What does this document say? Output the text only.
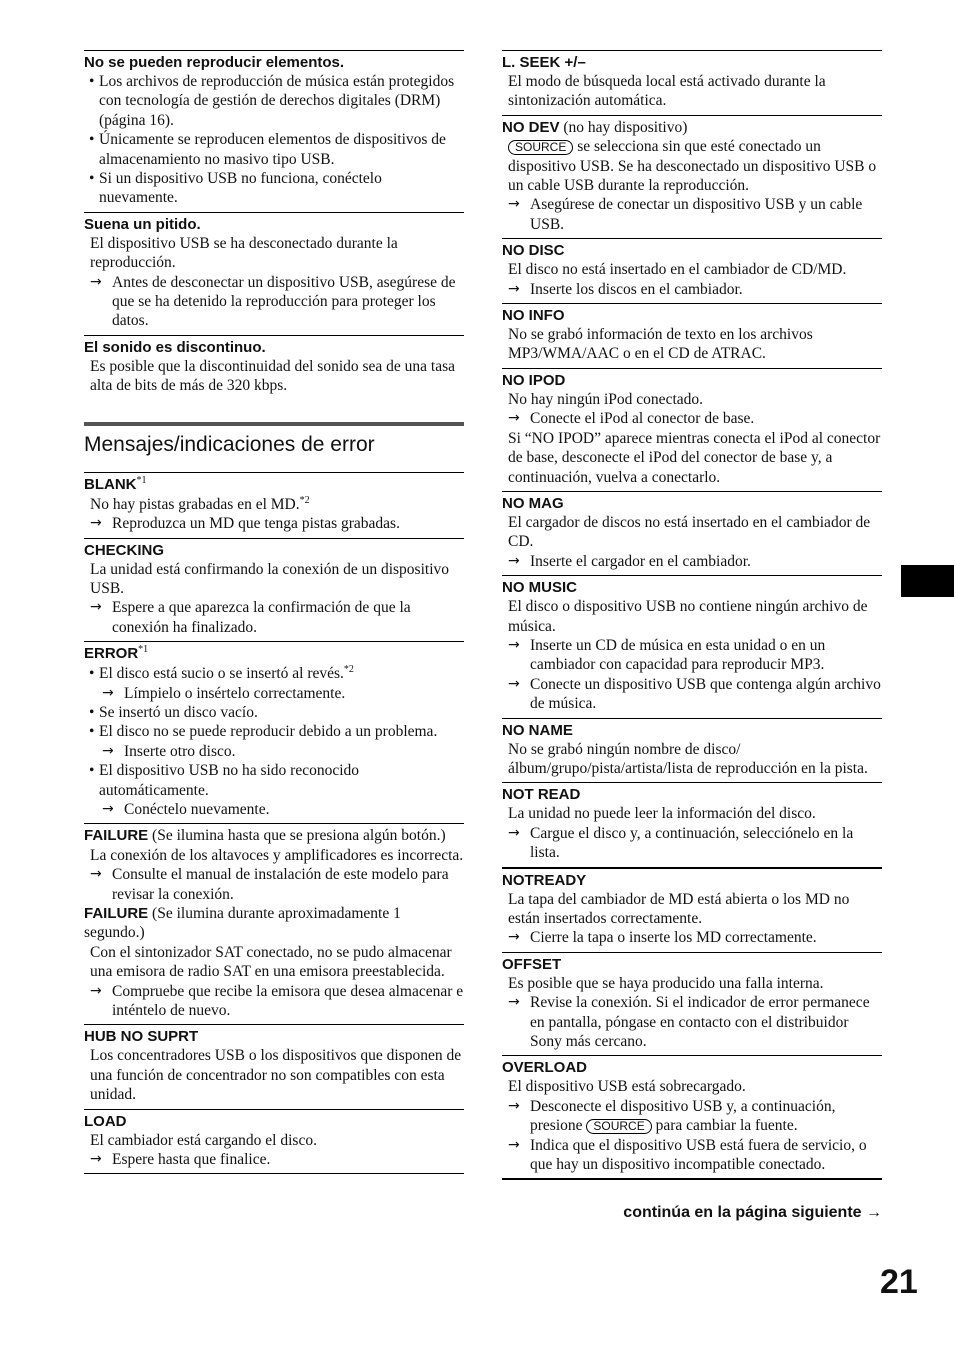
No se pueden reproducir elementos.
• Los archivos de reproducción de música están protegidos con tecnología de gestión de derechos digitales (DRM) (página 16).
• Únicamente se reproducen elementos de dispositivos de almacenamiento no masivo tipo USB.
• Si un dispositivo USB no funciona, conéctelo nuevamente.
Suena un pitido.
El dispositivo USB se ha desconectado durante la reproducción.
→ Antes de desconectar un dispositivo USB, asegúrese de que se ha detenido la reproducción para proteger los datos.
El sonido es discontinuo.
Es posible que la discontinuidad del sonido sea de una tasa alta de bits de más de 320 kbps.
Mensajes/indicaciones de error
BLANK$^{*1}$
No hay pistas grabadas en el MD.$^{*2}$
→ Reproduzca un MD que tenga pistas grabadas.
CHECKING
La unidad está confirmando la conexión de un dispositivo USB.
→ Espere a que aparezca la confirmación de que la conexión ha finalizado.
ERROR$^{*1}$
• El disco está sucio o se insertó al revés.$^{*2}$
→ Límpielo o insértelo correctamente.
• Se insertó un disco vacío.
• El disco no se puede reproducir debido a un problema.
→ Inserte otro disco.
• El dispositivo USB no ha sido reconocido automáticamente.
→ Conéctelo nuevamente.
FAILURE (Se ilumina hasta que se presiona algún botón.)
La conexión de los altavoces y amplificadores es incorrecta.
→ Consulte el manual de instalación de este modelo para revisar la conexión.
FAILURE (Se ilumina durante aproximadamente 1 segundo.)
Con el sintonizador SAT conectado, no se pudo almacenar una emisora de radio SAT en una emisora preestablecida.
→ Compruebe que recibe la emisora que desea almacenar e inténtelo de nuevo.
HUB NO SUPRT
Los concentradores USB o los dispositivos que disponen de una función de concentrador no son compatibles con esta unidad.
LOAD
El cambiador está cargando el disco.
→ Espere hasta que finalice.
L. SEEK +/–
El modo de búsqueda local está activado durante la sintonización automática.
NO DEV (no hay dispositivo)
SOURCE se selecciona sin que esté conectado un dispositivo USB. Se ha desconectado un dispositivo USB o un cable USB durante la reproducción.
→ Asegúrese de conectar un dispositivo USB y un cable USB.
NO DISC
El disco no está insertado en el cambiador de CD/MD.
→ Inserte los discos en el cambiador.
NO INFO
No se grabó información de texto en los archivos MP3/WMA/AAC o en el CD de ATRAC.
NO IPOD
No hay ningún iPod conectado.
→ Conecte el iPod al conector de base.
Si “NO IPOD” aparece mientras conecta el iPod al conector de base, desconecte el iPod del conector de base y, a continuación, vuelva a conectarlo.
NO MAG
El cargador de discos no está insertado en el cambiador de CD.
→ Inserte el cargador en el cambiador.
NO MUSIC
El disco o dispositivo USB no contiene ningún archivo de música.
→ Inserte un CD de música en esta unidad o en un cambiador con capacidad para reproducir MP3.
→ Conecte un dispositivo USB que contenga algún archivo de música.
NO NAME
No se grabó ningún nombre de disco/álbum/grupo/pista/artista/lista de reproducción en la pista.
NOT READ
La unidad no puede leer la información del disco.
→ Cargue el disco y, a continuación, selecciónelo en la lista.
NOTREADY
La tapa del cambiador de MD está abierta o los MD no están insertados correctamente.
→ Cierre la tapa o inserte los MD correctamente.
OFFSET
Es posible que se haya producido una falla interna.
→ Revise la conexión. Si el indicador de error permanece en pantalla, póngase en contacto con el distribuidor Sony más cercano.
OVERLOAD
El dispositivo USB está sobrecargado.
→ Desconecte el dispositivo USB y, a continuación, presione SOURCE para cambiar la fuente.
→ Indica que el dispositivo USB está fuera de servicio, o que hay un dispositivo incompatible conectado.
continúa en la página siguiente →
21
